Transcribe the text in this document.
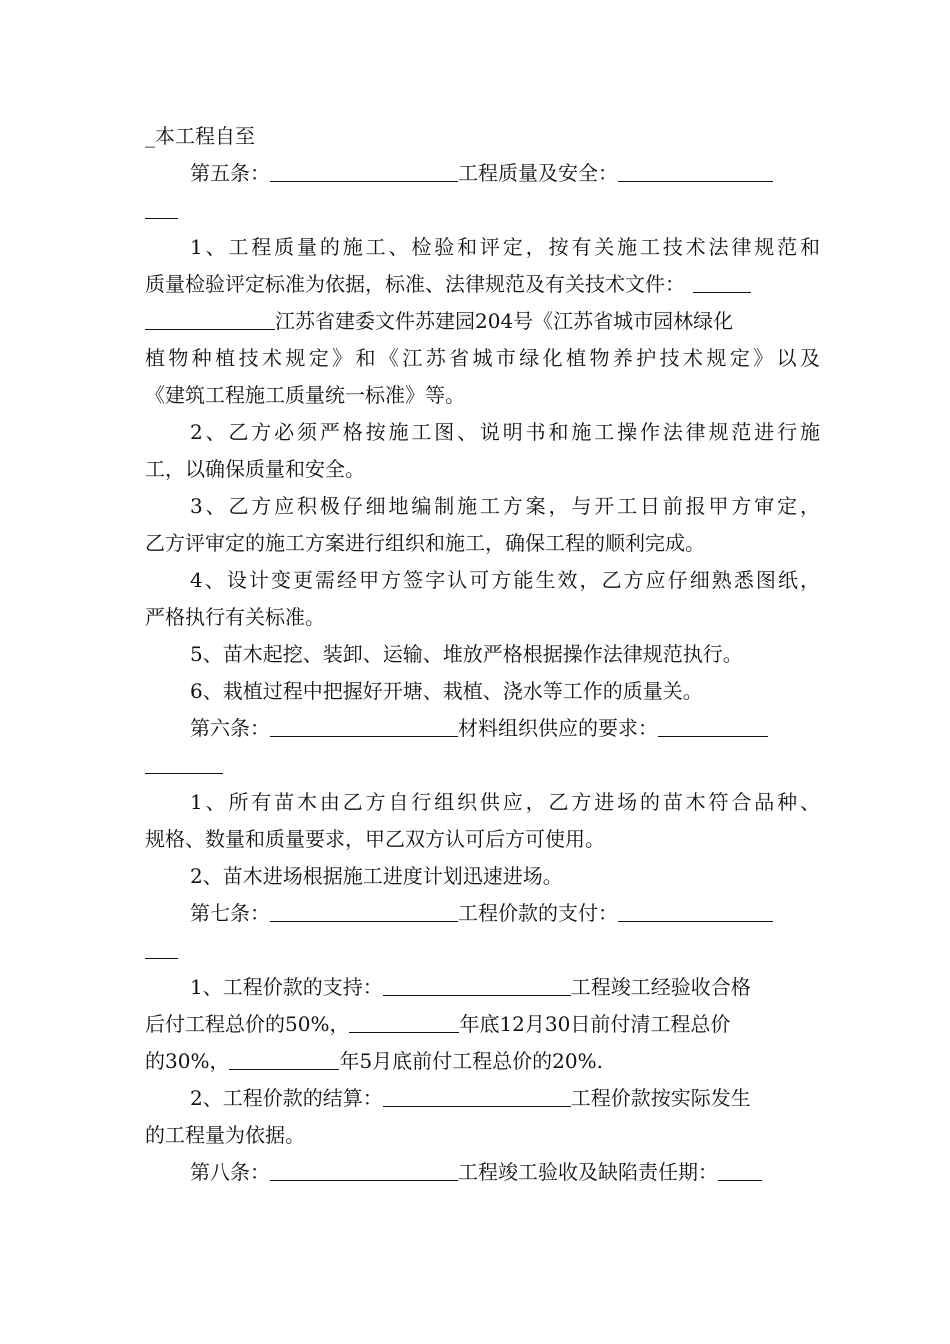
_本工程自至
第五条：	工程质量及安全：
1、工程质量的施工、检验和评定，按有关施工技术法律规范和
质量检验评定标准为依据，标准、法律规范及有关技术文件：
江苏省建委文件苏建园204号《江苏省城市园林绿化
植物种植技术规定》和《江苏省城市绿化植物养护技术规定》以及
《建筑工程施工质量统一标准》等。
2、乙方必须严格按施工图、说明书和施工操作法律规范进行施
工，以确保质量和安全。
3、乙方应积极仔细地编制施工方案，与开工日前报甲方审定，
乙方评审定的施工方案进行组织和施工，确保工程的顺利完成。
4、设计变更需经甲方签字认可方能生效，乙方应仔细熟悉图纸，
严格执行有关标准。
5、苗木起挖、装卸、运输、堆放严格根据操作法律规范执行。
6、栽植过程中把握好开塘、栽植、浇水等工作的质量关。
第六条：	材料组织供应的要求：
1、所有苗木由乙方自行组织供应，乙方进场的苗木符合品种、
规格、数量和质量要求，甲乙双方认可后方可使用。
2、苗木进场根据施工进度计划迅速进场。
第七条：	工程价款的支付：
1、工程价款的支持：	工程竣工经验收合格
后付工程总价的50%，	年底12月30日前付清工程总价
的30%，	年5月底前付工程总价的20%.
2、工程价款的结算：	工程价款按实际发生
的工程量为依据。
第八条：	工程竣工验收及缺陷责任期：
